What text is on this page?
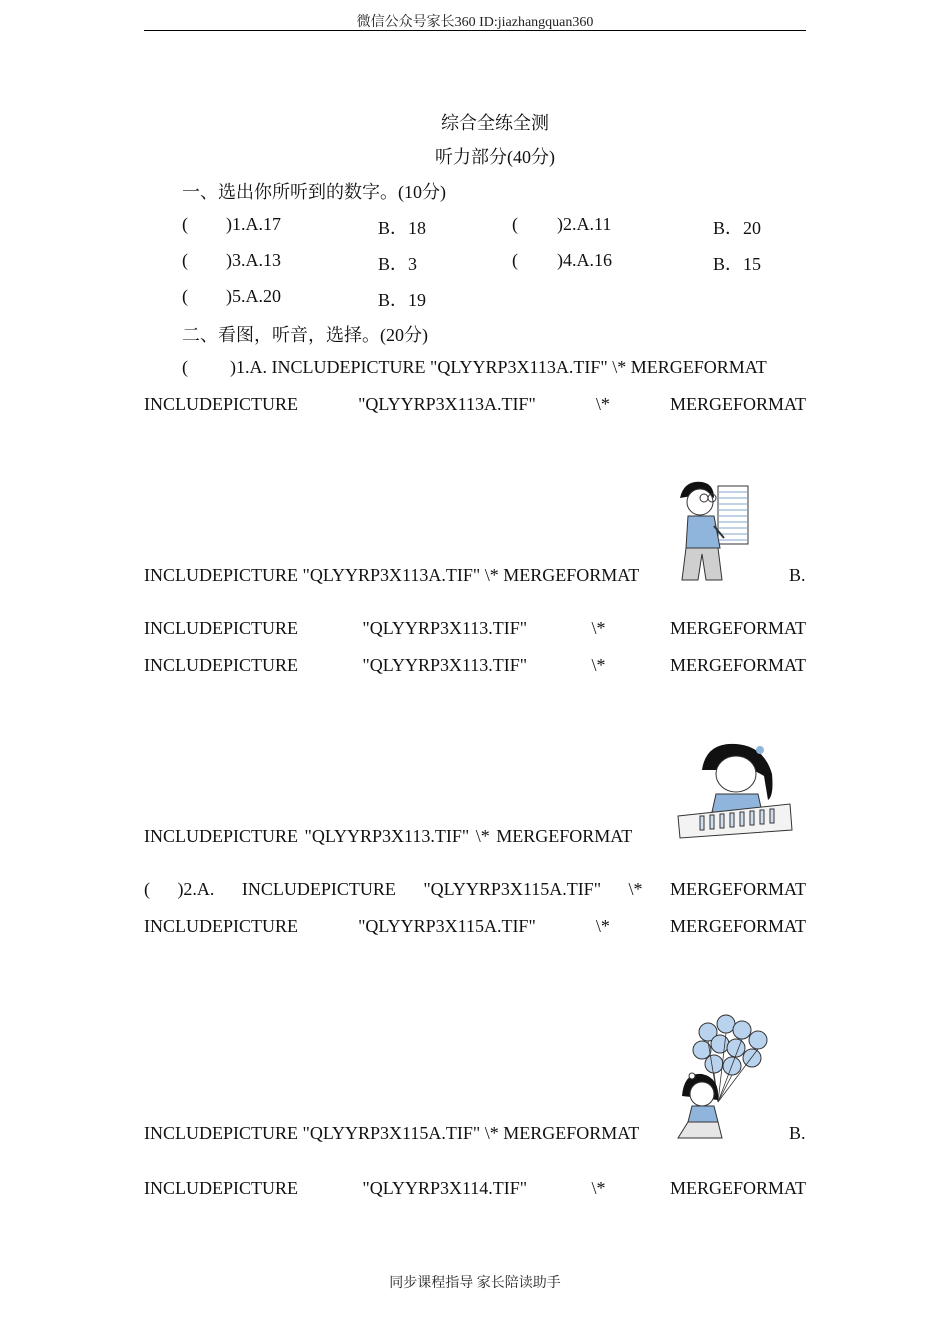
微信公众号家长360 ID:jiazhangquan360
综合全练全测
听力部分(40分)
一、选出你所听到的数字。(10分)
( )1.A.17	B．18	( )2.A.11	B．20
( )3.A.13	B．3	( )4.A.16	B．15
( )5.A.20	B．19
二、看图，听音，选择。(20分)
( )1.A. INCLUDEPICTURE "QLYYRP3X113A.TIF" \* MERGEFORMAT
INCLUDEPICTURE	"QLYYRP3X113A.TIF"	\*	MERGEFORMAT
INCLUDEPICTURE "QLYYRP3X113A.TIF" \* MERGEFORMAT	B.
INCLUDEPICTURE	"QLYYRP3X113.TIF"	\*	MERGEFORMAT
INCLUDEPICTURE	"QLYYRP3X113.TIF"	\*	MERGEFORMAT
INCLUDEPICTURE "QLYYRP3X113.TIF" \* MERGEFORMAT
( )2.A. INCLUDEPICTURE "QLYYRP3X115A.TIF" \* MERGEFORMAT
INCLUDEPICTURE	"QLYYRP3X115A.TIF"	\*	MERGEFORMAT
INCLUDEPICTURE "QLYYRP3X115A.TIF" \* MERGEFORMAT	B.
INCLUDEPICTURE	"QLYYRP3X114.TIF"	\*	MERGEFORMAT
同步课程指导 家长陪读助手
